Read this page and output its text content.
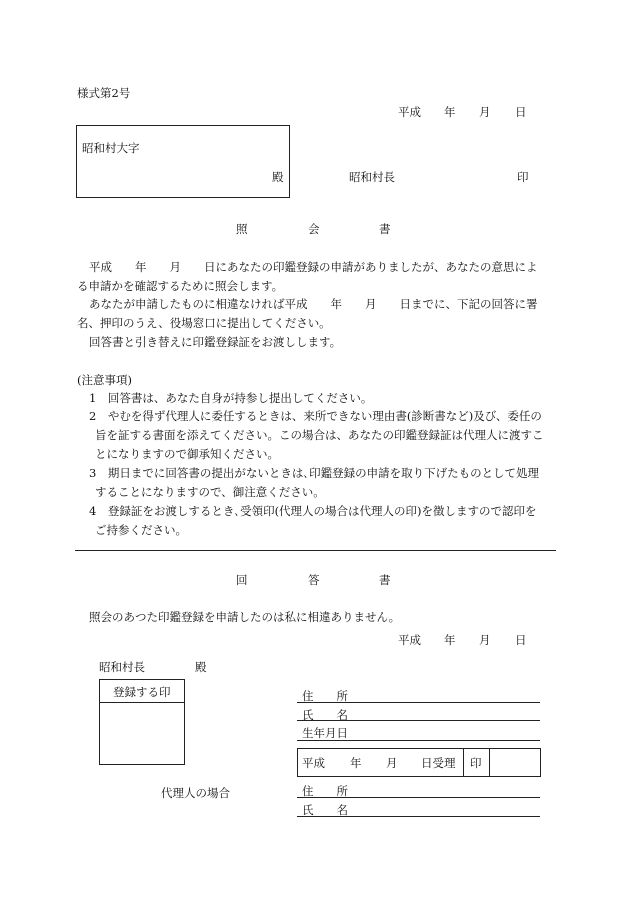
様式第2号
平成 年 月 日
昭和村大字
殿	昭和村長	印
照	会	書
平成　　年　　月　　日にあなたの印鑑登録の申請がありましたが、あなたの意思によ
る申請かを確認するために照会します。
あなたが申請したものに相違なければ平成　　年　　月　　日までに、下記の回答に署
名、押印のうえ、役場窓口に提出してください。
回答書と引き替えに印鑑登録証をお渡しします。
(注意事項)
1　回答書は、あなた自身が持参し提出してください。
2　やむを得ず代理人に委任するときは、来所できない理由書(診断書など)及び、委任の
旨を証する書面を添えてください。この場合は、あなたの印鑑登録証は代理人に渡すこ
とになりますので御承知ください。
3　期日までに回答書の提出がないときは､印鑑登録の申請を取り下げたものとして処理
することになりますので、御注意ください。
4　登録証をお渡しするとき､受領印(代理人の場合は代理人の印)を徴しますので認印を
ご持参ください。
回	答	書
照会のあつた印鑑登録を申請したのは私に相違ありません。
平成 年 月 日
昭和村長	殿
登録する印	住　　所
氏　　名
生年月日
平成 年 月 日受理 印
代理人の場合	住　　所
氏　　名
